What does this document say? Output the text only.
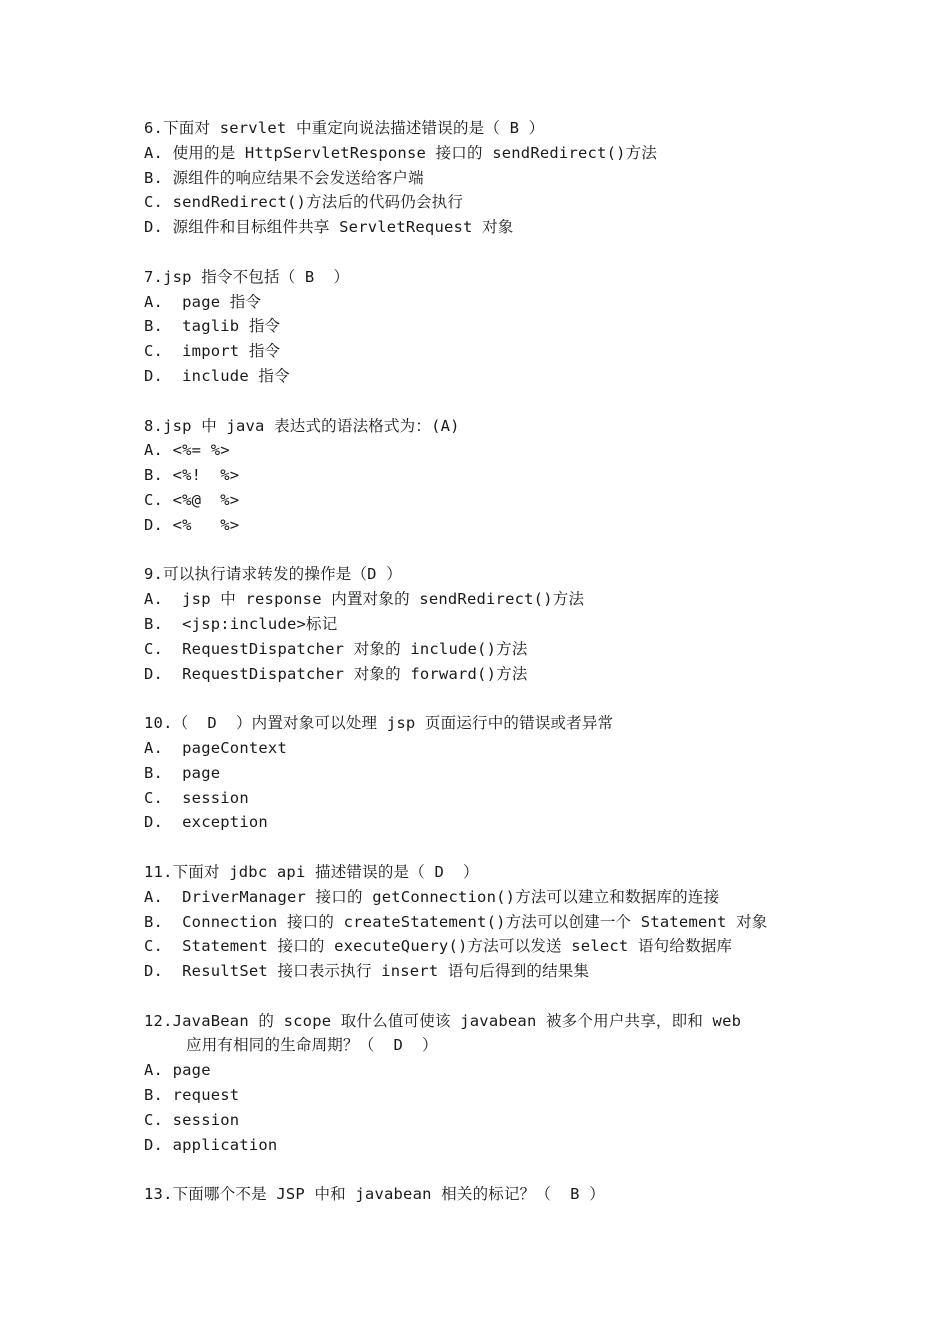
6.下面对 servlet 中重定向说法描述错误的是（ B ）
A. 使用的是 HttpServletResponse 接口的 sendRedirect()方法
B. 源组件的响应结果不会发送给客户端
C. sendRedirect()方法后的代码仍会执行
D. 源组件和目标组件共享 ServletRequest 对象
7.jsp 指令不包括（ B  ）
A.  page 指令
B.  taglib 指令
C.  import 指令
D.  include 指令
8.jsp 中 java 表达式的语法格式为：(A)
A. <%= %>
B. <%!  %>
C. <%@  %>
D. <%   %>
9.可以执行请求转发的操作是（D ）
A.  jsp 中 response 内置对象的 sendRedirect()方法
B.  <jsp:include>标记
C.  RequestDispatcher 对象的 include()方法
D.  RequestDispatcher 对象的 forward()方法
10.（  D  ）内置对象可以处理 jsp 页面运行中的错误或者异常
A.  pageContext
B.  page
C.  session
D.  exception
11.下面对 jdbc api 描述错误的是（ D  ）
A.  DriverManager 接口的 getConnection()方法可以建立和数据库的连接
B.  Connection 接口的 createStatement()方法可以创建一个 Statement 对象
C.  Statement 接口的 executeQuery()方法可以发送 select 语句给数据库
D.  ResultSet 接口表示执行 insert 语句后得到的结果集
12.JavaBean 的 scope 取什么值可使该 javabean 被多个用户共享，即和 web
应用有相同的生命周期？（  D  ）
A. page
B. request
C. session
D. application
13.下面哪个不是 JSP 中和 javabean 相关的标记？（  B ）
